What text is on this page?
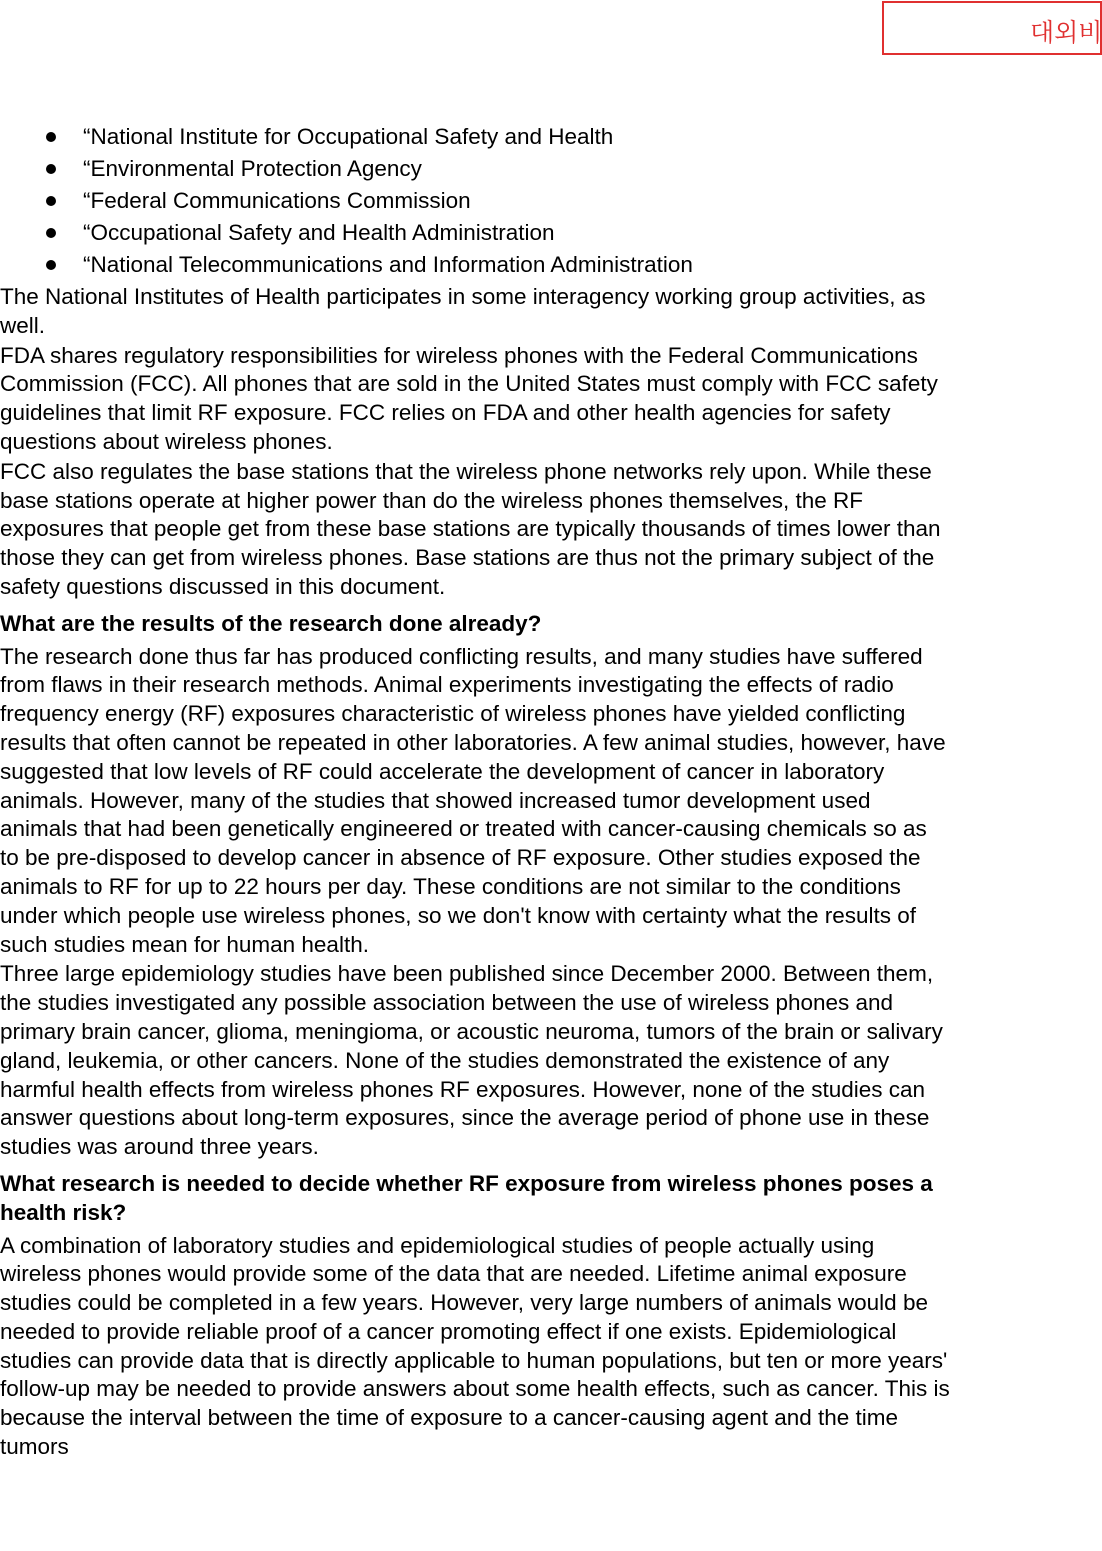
대외비
“National Institute for Occupational Safety and Health
“Environmental Protection Agency
“Federal Communications Commission
“Occupational Safety and Health Administration
“National Telecommunications and Information Administration

The National Institutes of Health participates in some interagency working group activities, as well.

FDA shares regulatory responsibilities for wireless phones with the Federal Communications Commission (FCC). All phones that are sold in the United States must comply with FCC safety guidelines that limit RF exposure. FCC relies on FDA and other health agencies for safety questions about wireless phones.

FCC also regulates the base stations that the wireless phone networks rely upon. While these base stations operate at higher power than do the wireless phones themselves, the RF exposures that people get from these base stations are typically thousands of times lower than those they can get from wireless phones. Base stations are thus not the primary subject of the safety questions discussed in this document.

What are the results of the research done already?

The research done thus far has produced conflicting results, and many studies have suffered from flaws in their research methods. Animal experiments investigating the effects of radio frequency energy (RF) exposures characteristic of wireless phones have yielded conflicting results that often cannot be repeated in other laboratories. A few animal studies, however, have suggested that low levels of RF could accelerate the development of cancer in laboratory animals. However, many of the studies that showed increased tumor development used animals that had been genetically engineered or treated with cancer-causing chemicals so as to be pre-disposed to develop cancer in absence of RF exposure. Other studies exposed the animals to RF for up to 22 hours per day. These conditions are not similar to the conditions under which people use wireless phones, so we don't know with certainty what the results of such studies mean for human health.

Three large epidemiology studies have been published since December 2000. Between them, the studies investigated any possible association between the use of wireless phones and primary brain cancer, glioma, meningioma, or acoustic neuroma, tumors of the brain or salivary gland, leukemia, or other cancers. None of the studies demonstrated the existence of any harmful health effects from wireless phones RF exposures. However, none of the studies can answer questions about long-term exposures, since the average period of phone use in these studies was around three years.

What research is needed to decide whether RF exposure from wireless phones poses a health risk?

A combination of laboratory studies and epidemiological studies of people actually using wireless phones would provide some of the data that are needed. Lifetime animal exposure studies could be completed in a few years. However, very large numbers of animals would be needed to provide reliable proof of a cancer promoting effect if one exists. Epidemiological studies can provide data that is directly applicable to human populations, but ten or more years' follow-up may be needed to provide answers about some health effects, such as cancer. This is because the interval between the time of exposure to a cancer-causing agent and the time tumors
